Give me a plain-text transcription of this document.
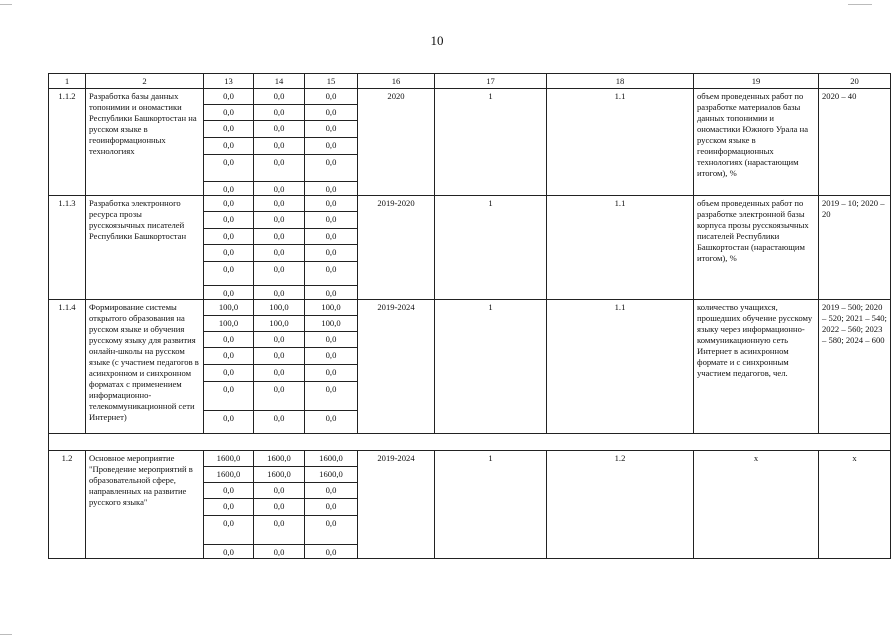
10
1	2	13	14	15	16	17	18	19	20
1.1.2	Разработка базы данных топонимии и ономастики Республики Башкортостан на русском языке в геоинформационных технологиях	0,0	0,0	0,0	2020	1	1.1	объем проведенных работ по разработке материалов базы данных топонимии и ономастики Южного Урала на русском языке в геоинформационных технологиях (нарастающим итогом), %	2020 – 40
		0,0	0,0	0,0					
		0,0	0,0	0,0					
		0,0	0,0	0,0					
		0,0	0,0	0,0					
		0,0	0,0	0,0					
1.1.3	Разработка электронного ресурса прозы русскоязычных писателей Республики Башкортостан	0,0	0,0	0,0	2019-2020	1	1.1	объем проведенных работ по разработке электронной базы корпуса прозы русскоязычных писателей Республики Башкортостан (нарастающим итогом), %	2019 – 10; 2020 – 20
		0,0	0,0	0,0					
		0,0	0,0	0,0					
		0,0	0,0	0,0					
		0,0	0,0	0,0					
		0,0	0,0	0,0					
1.1.4	Формирование системы открытого образования на русском языке и обучения русскому языку для развития онлайн-школы на русском языке (с участием педагогов в асинхронном и синхронном форматах с применением информационно-телекоммуникационной сети Интернет)	100,0	100,0	100,0	2019-2024	1	1.1	количество учащихся, прошедших обучение русскому языку через информационно-коммуникационную сеть Интернет в асинхронном формате и с синхронным участием педагогов, чел.	2019 – 500; 2020 – 520; 2021 – 540; 2022 – 560; 2023 – 580; 2024 – 600
		100,0	100,0	100,0					
		0,0	0,0	0,0					
		0,0	0,0	0,0					
		0,0	0,0	0,0					
		0,0	0,0	0,0					
		0,0	0,0	0,0					

1.2	Основное мероприятие "Проведение мероприятий в образовательной сфере, направленных на развитие русского языка"	1600,0	1600,0	1600,0	2019-2024	1	1.2	x	x
		1600,0	1600,0	1600,0					
		0,0	0,0	0,0					
		0,0	0,0	0,0					
		0,0	0,0	0,0					
		0,0	0,0	0,0					
